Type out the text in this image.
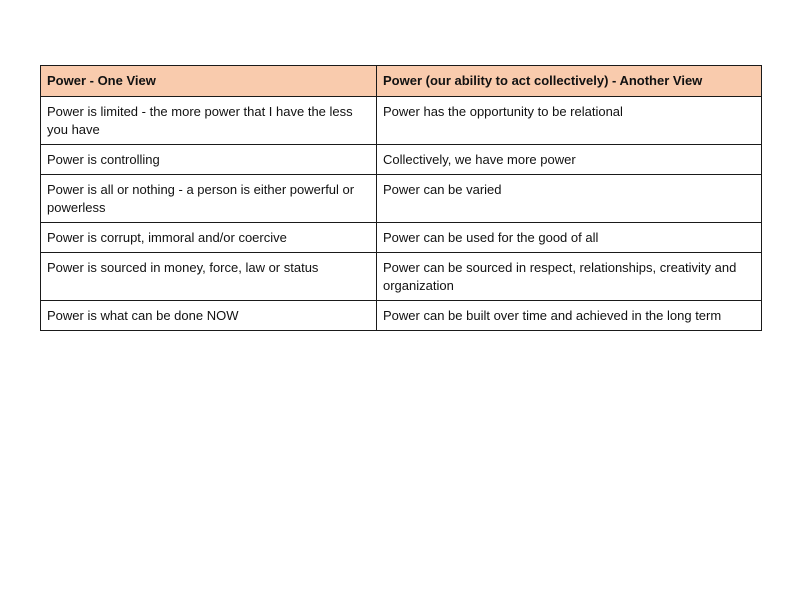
Power - One View	Power (our ability to act collectively) - Another View
Power is limited - the more power that I have the less you have	Power has the opportunity to be relational
Power is controlling	Collectively, we have more power
Power is all or nothing - a person is either powerful or powerless	Power can be varied
Power is corrupt, immoral and/or coercive	Power can be used for the good of all
Power is sourced in money, force, law or status	Power can be sourced in respect, relationships, creativity and organization
Power is what can be done NOW	Power can be built over time and achieved in the long term
